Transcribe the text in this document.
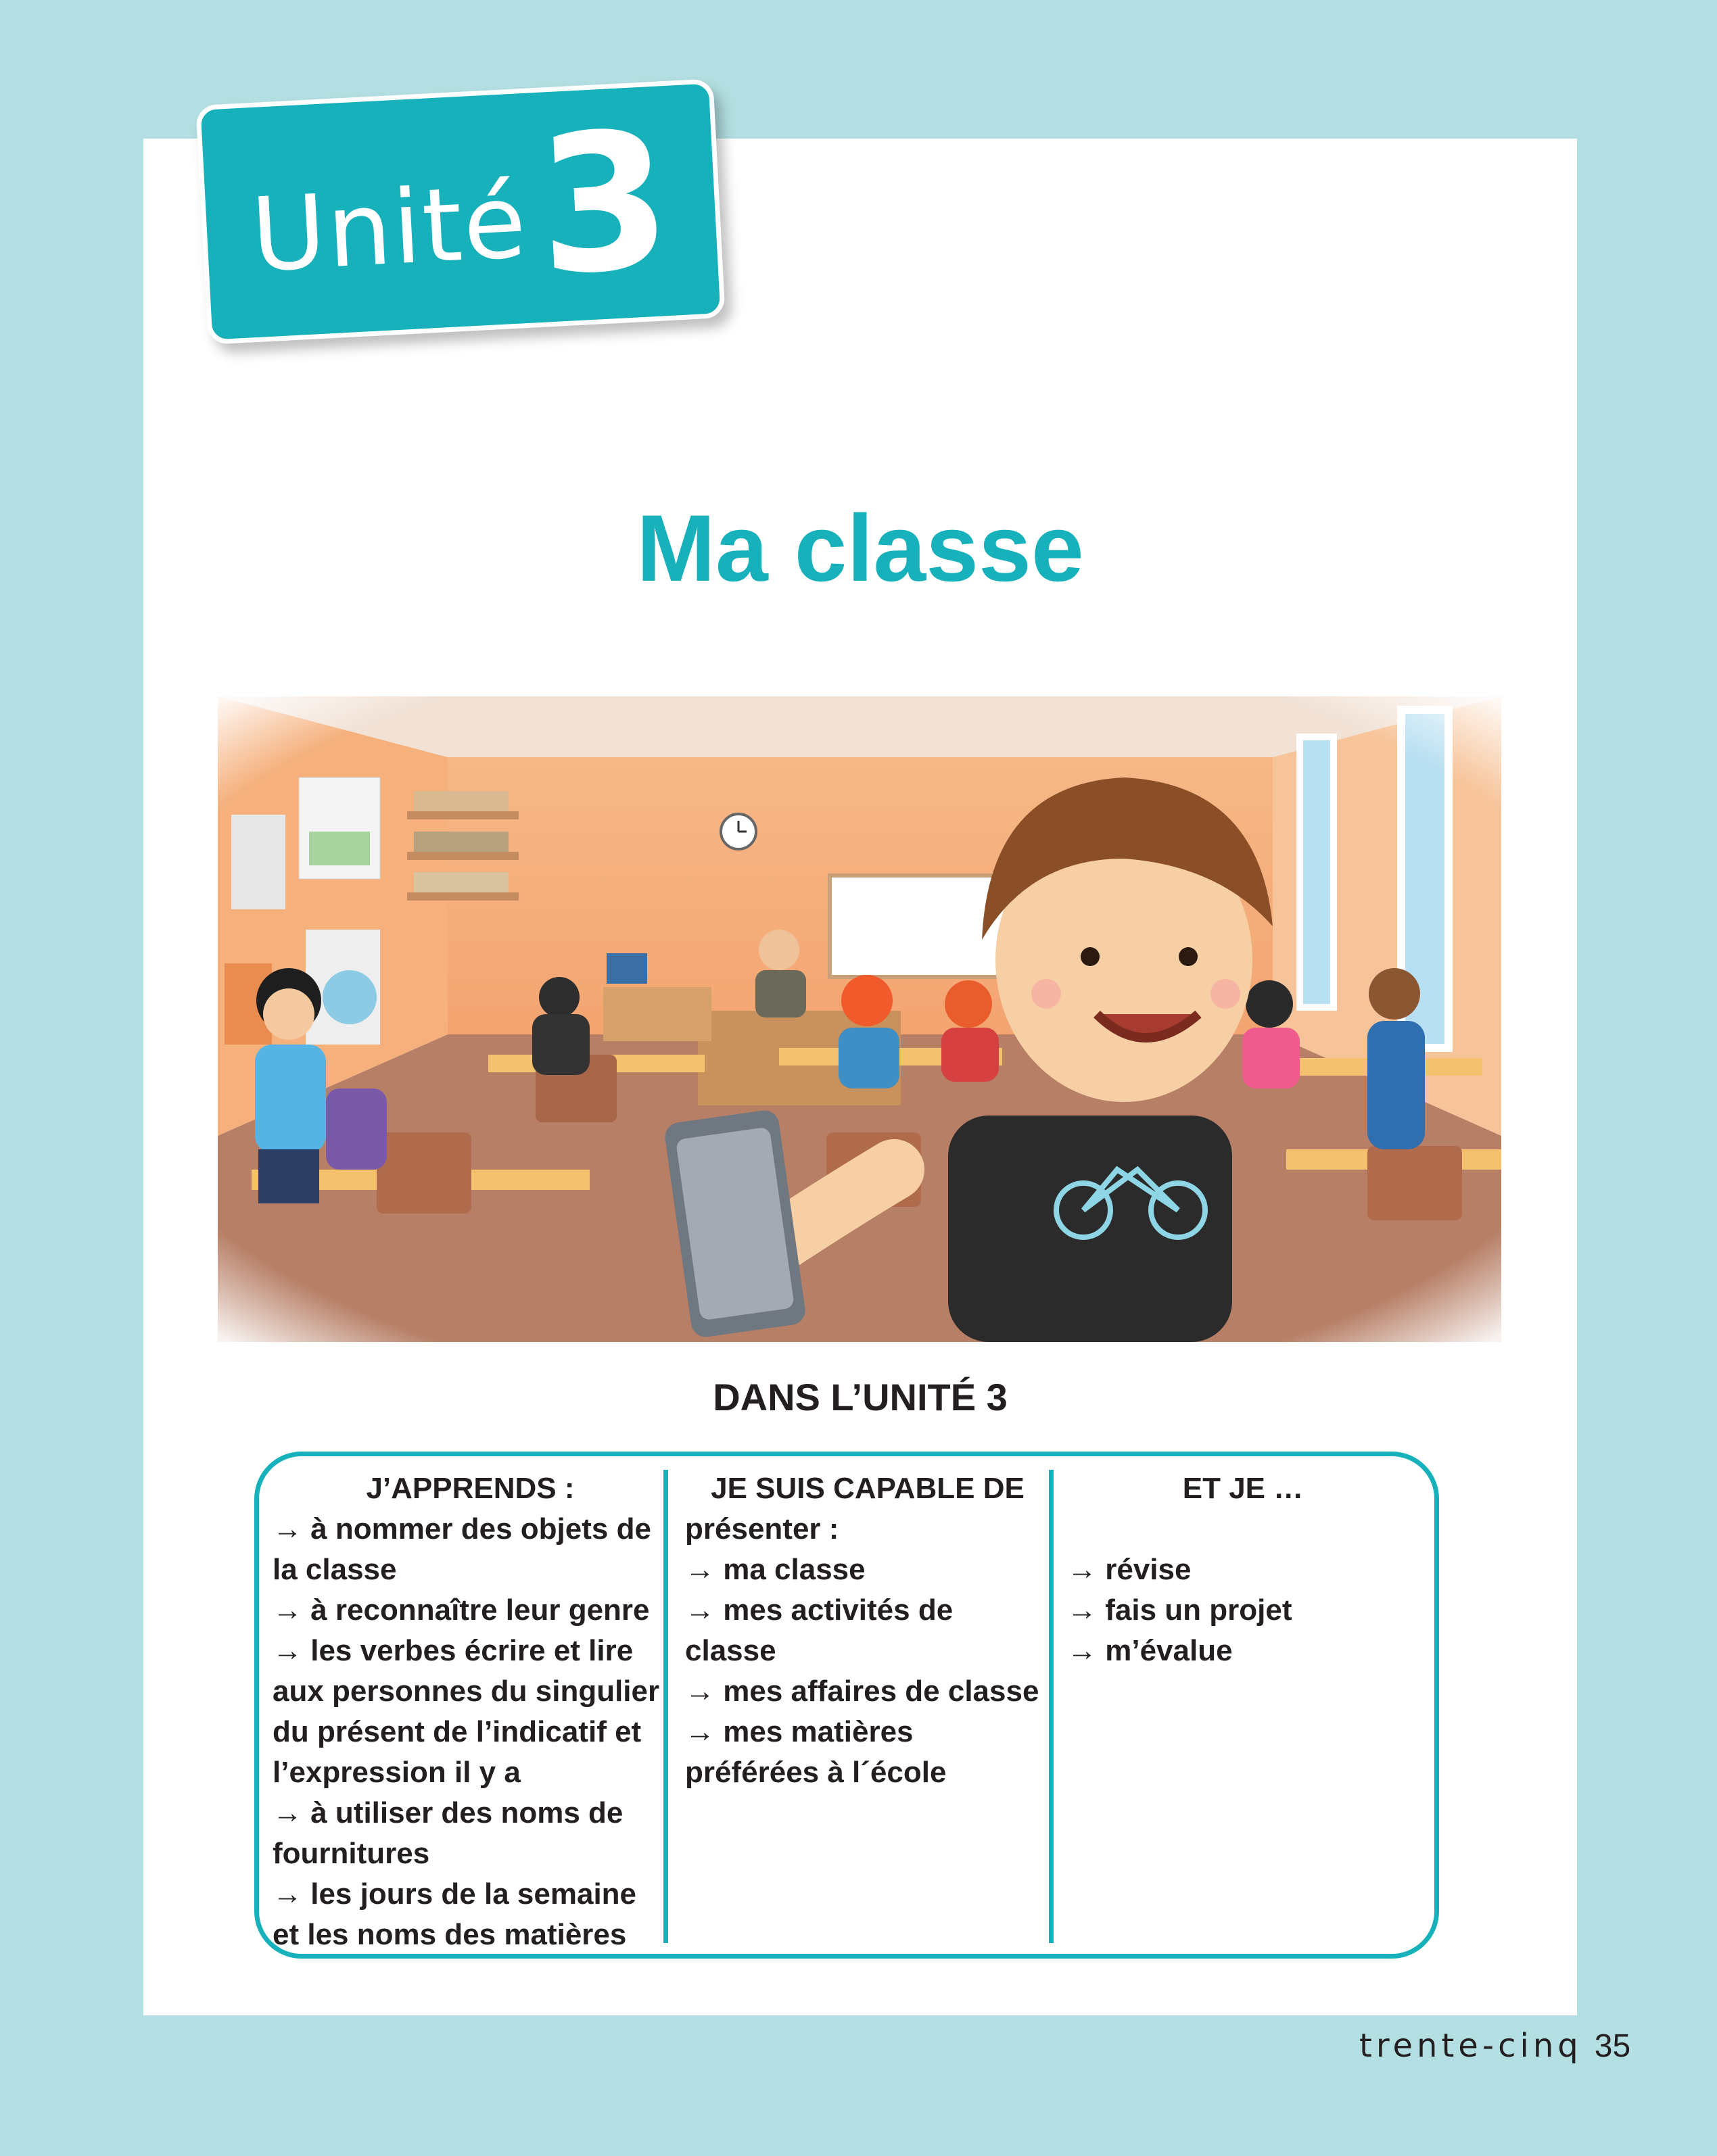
Unité 3
Ma classe
DANS L’UNITÉ 3
J’APPRENDS :
→ à nommer des objets de
la classe
→ à reconnaître leur genre
→ les verbes écrire et lire
aux personnes du singulier
du présent de l’indicatif et
l’expression il y a
→ à utiliser des noms de
fournitures
→ les jours de la semaine
et les noms des matières
JE SUIS CAPABLE DE
présenter :
→ ma classe
→ mes activités de
classe
→ mes affaires de classe
→ mes matières
préférées à l´école
ET JE …
→ révise
→ fais un projet
→ m’évalue
trente-cinq 35
